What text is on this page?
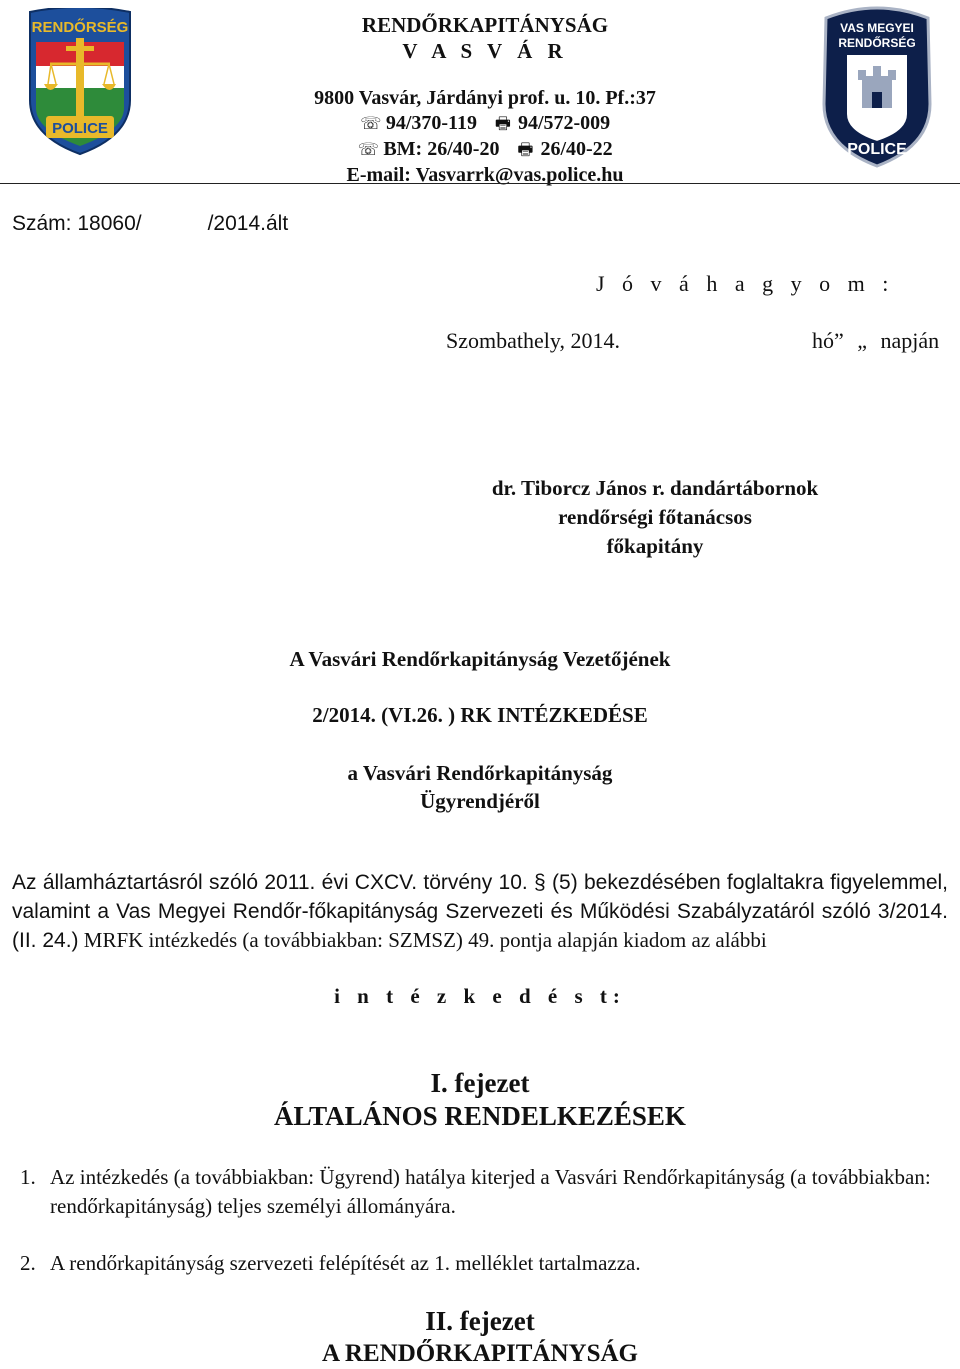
POLICE
RENDŐRSÉG	VAS MEGYEI
RENDŐRSÉG
POLICE
RENDŐRKAPITÁNYSÁG
V A S V Á R
9800 Vasvár, Járdányi prof. u. 10. Pf.:37
☏ 94/370-119 🖶 94/572-009
☏ BM: 26/40-20 🖶 26/40-22
E-mail: Vasvarrk@vas.police.hu
Szám: 18060/	/2014.ált
J ó v á h a g y o m :
Szombathely, 2014.	hó” „ napján
dr. Tiborcz János r. dandártábornok
rendőrségi főtanácsos
főkapitány
A Vasvári Rendőrkapitányság Vezetőjének
2/2014. (VI.26. ) RK INTÉZKEDÉSE
a Vasvári Rendőrkapitányság
Ügyrendjéről
Az államháztartásról szóló 2011. évi CXCV. törvény 10. § (5) bekezdésében foglaltakra figyelemmel, valamint a Vas Megyei Rendőr-főkapitányság Szervezeti és Működési Szabályzatáról szóló 3/2014. (II. 24.) MRFK intézkedés (a továbbiakban: SZMSZ) 49. pontja alapján kiadom az alábbi
i n t é z k e d é s t:
I. fejezet
ÁLTALÁNOS RENDELKEZÉSEK
1. Az intézkedés (a továbbiakban: Ügyrend) hatálya kiterjed a Vasvári Rendőrkapitányság (a továbbiakban: rendőrkapitányság) teljes személyi állományára.
2. A rendőrkapitányság szervezeti felépítését az 1. melléklet tartalmazza.
II. fejezet
A RENDŐRKAPITÁNYSÁG
